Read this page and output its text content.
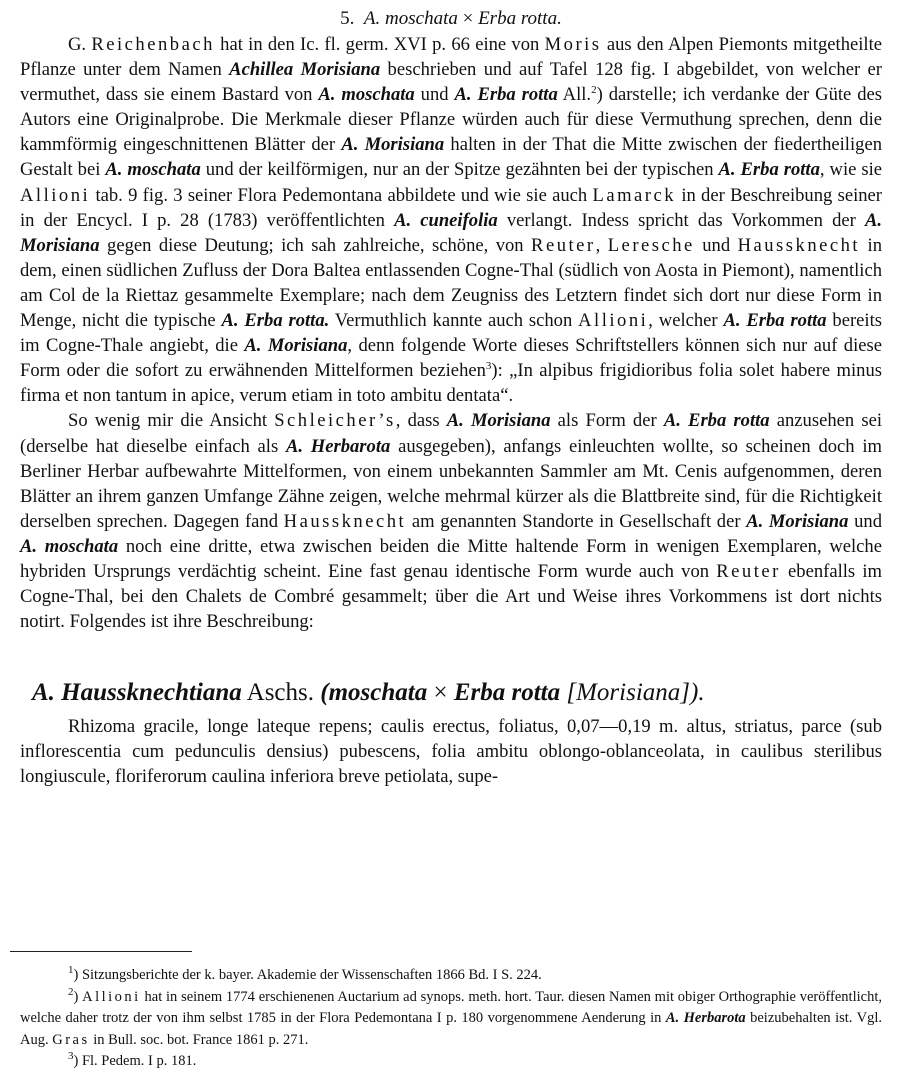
5. A. moschata × Erba rotta.

G. Reichenbach hat in den Ic. fl. germ. XVI p. 66 eine von Moris aus den Alpen Piemonts mitgetheilte Pflanze unter dem Namen Achillea Morisiana beschrieben und auf Tafel 128 fig. I abgebildet, von welcher er vermuthet, dass sie einem Bastard von A. moschata und A. Erba rotta All.$^2$) darstelle; ich verdanke der Güte des Autors eine Originalprobe. Die Merkmale dieser Pflanze würden auch für diese Vermuthung sprechen, denn die kammförmig eingeschnittenen Blätter der A. Morisiana halten in der That die Mitte zwischen der fiedertheiligen Gestalt bei A. moschata und der keilförmigen, nur an der Spitze gezähnten bei der typischen A. Erba rotta, wie sie Allioni tab. 9 fig. 3 seiner Flora Pedemontana abbildete und wie sie auch Lamarck in der Beschreibung seiner in der Encycl. I p. 28 (1783) veröffentlichten A. cuneifolia verlangt. Indess spricht das Vorkommen der A. Morisiana gegen diese Deutung; ich sah zahlreiche, schöne, von Reuter, Leresche und Haussknecht in dem, einen südlichen Zufluss der Dora Baltea entlassenden Cogne-Thal (südlich von Aosta in Piemont), namentlich am Col de la Riettaz gesammelte Exemplare; nach dem Zeugniss des Letztern findet sich dort nur diese Form in Menge, nicht die typische A. Erba rotta. Vermuthlich kannte auch schon Allioni, welcher A. Erba rotta bereits im Cogne-Thale angiebt, die A. Morisiana, denn folgende Worte dieses Schriftstellers können sich nur auf diese Form oder die sofort zu erwähnenden Mittelformen beziehen$^3$): „In alpibus frigidioribus folia solet habere minus firma et non tantum in apice, verum etiam in toto ambitu dentata“.

So wenig mir die Ansicht Schleicher’s, dass A. Morisiana als Form der A. Erba rotta anzusehen sei (derselbe hat dieselbe einfach als A. Herbarota ausgegeben), anfangs einleuchten wollte, so scheinen doch im Berliner Herbar aufbewahrte Mittelformen, von einem unbekannten Sammler am Mt. Cenis aufgenommen, deren Blätter an ihrem ganzen Umfange Zähne zeigen, welche mehrmal kürzer als die Blattbreite sind, für die Richtigkeit derselben sprechen. Dagegen fand Haussknecht am genannten Standorte in Gesellschaft der A. Morisiana und A. moschata noch eine dritte, etwa zwischen beiden die Mitte haltende Form in wenigen Exemplaren, welche hybriden Ursprungs verdächtig scheint. Eine fast genau identische Form wurde auch von Reuter ebenfalls im Cogne-Thal, bei den Chalets de Combré gesammelt; über die Art und Weise ihres Vorkommens ist dort nichts notirt. Folgendes ist ihre Beschreibung:

A. Haussknechtiana Aschs. (moschata × Erba rotta [Morisiana]).

Rhizoma gracile, longe lateque repens; caulis erectus, foliatus, 0,07—0,19 m. altus, striatus, parce (sub inflorescentia cum pedunculis densius) pubescens, folia ambitu oblongo-oblanceolata, in caulibus sterilibus longiuscule, floriferorum caulina inferiora breve petiolata, supe-

$^1$) Sitzungsberichte der k. bayer. Akademie der Wissenschaften 1866 Bd. I S. 224.

$^2$) Allioni hat in seinem 1774 erschienenen Auctarium ad synops. meth. hort. Taur. diesen Namen mit obiger Orthographie veröffentlicht, welche daher trotz der von ihm selbst 1785 in der Flora Pedemontana I p. 180 vorgenommene Aenderung in A. Herbarota beizubehalten ist. Vgl. Aug. Gras in Bull. soc. bot. France 1861 p. 271.

$^3$) Fl. Pedem. I p. 181.
